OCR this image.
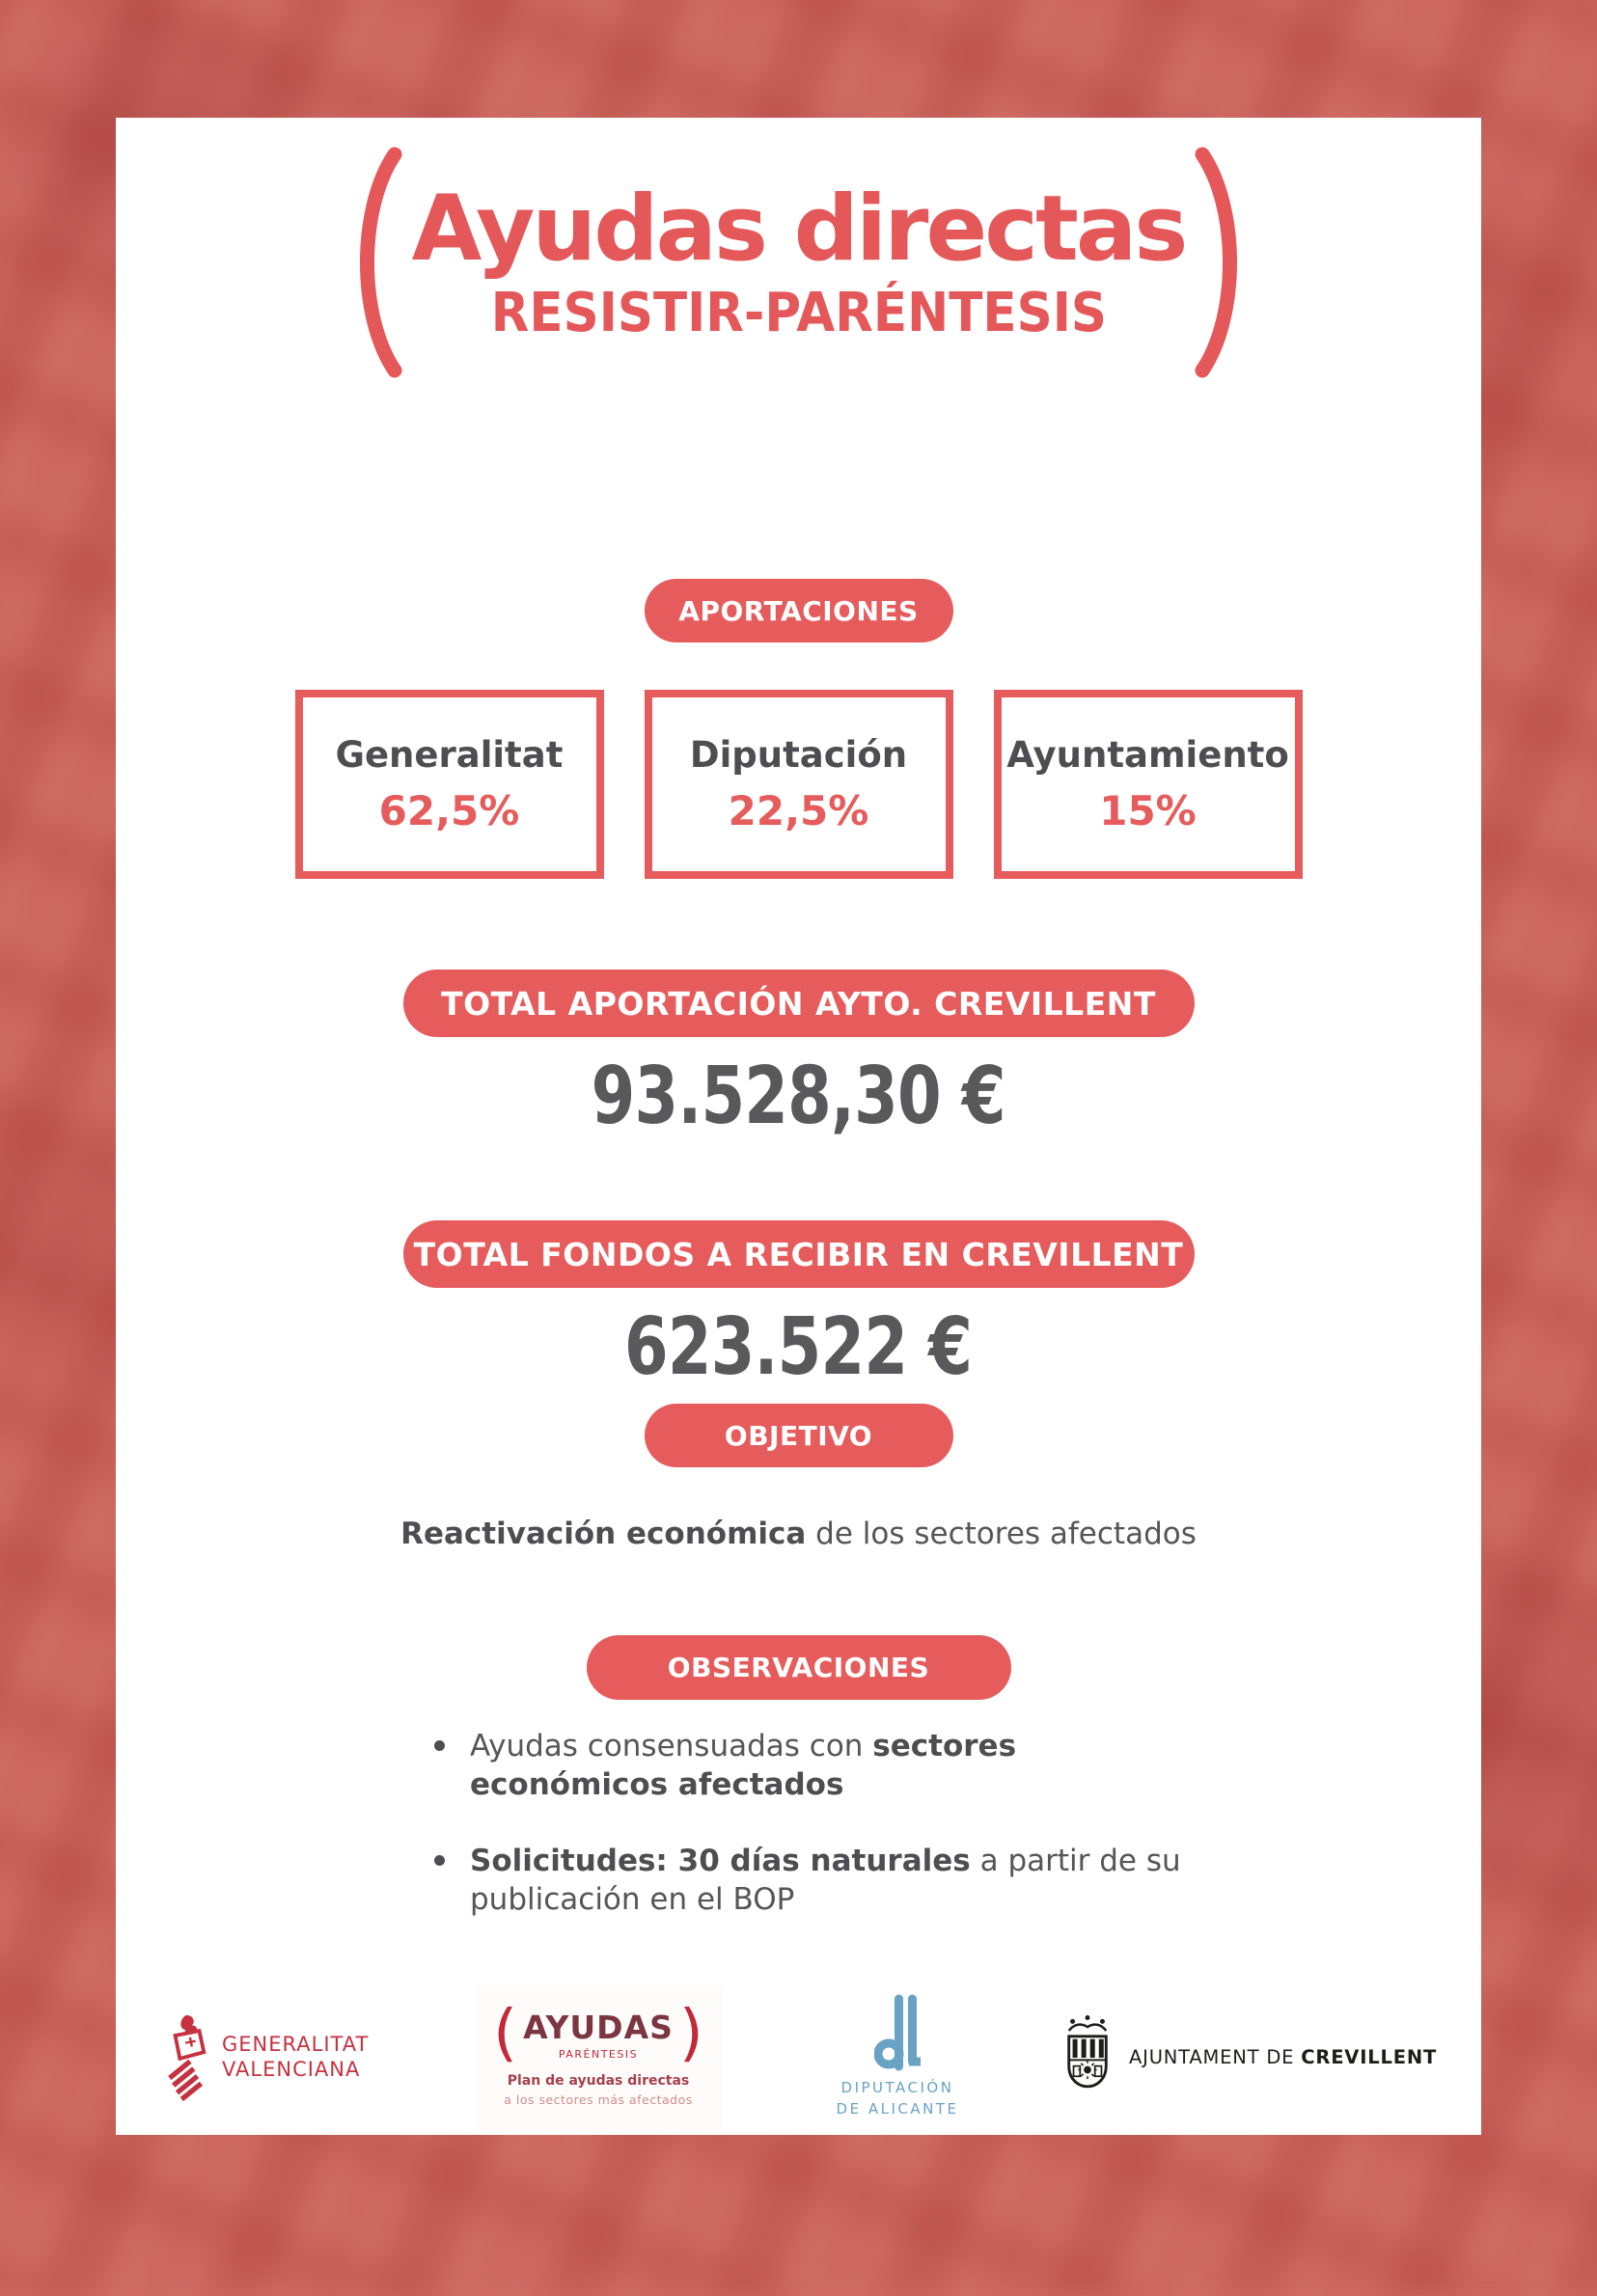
Ayudas directas
RESISTIR-PARÉNTESIS
APORTACIONES
Generalitat
62,5%
Diputación
22,5%
Ayuntamiento
15%
TOTAL APORTACIÓN AYTO. CREVILLENT
93.528,30 €
TOTAL FONDOS A RECIBIR EN CREVILLENT
623.522 €
OBJETIVO
Reactivación económica de los sectores afectados
OBSERVACIONES

Ayudas consensuadas con sectores
económicos afectados

Solicitudes: 30 días naturales a partir de su
publicación en el BOP

GENERALITAT
VALENCIANA
( AYUDAS
PARÉNTESIS )
Plan de ayudas directas
a los sectores más afectados
DIPUTACIÓN
DE ALICANTE
AJUNTAMENT DE CREVILLENT
